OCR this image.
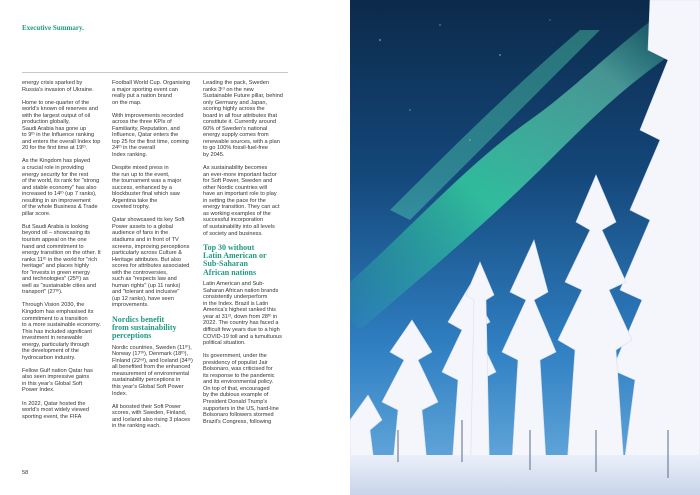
Executive Summary.

energy crisis sparked by
Russia's invasion of Ukraine.

Home to one-quarter of the
world's known oil reserves and
with the largest output of oil
production globally,
Saudi Arabia has gone up
to 9ᵗʰ in the Influence ranking
and enters the overall Index top
20 for the first time at 19ᵗʰ.

As the Kingdom has played
a crucial role in providing
energy security for the rest
of the world, its rank for "strong
and stable economy" has also
increased to 14ᵗʰ (up 7 ranks),
resulting in an improvement
of the whole Business & Trade
pillar score.

But Saudi Arabia is looking
beyond oil – showcasing its
tourism appeal on the one
hand and commitment to
energy transition on the other. It
ranks 11ᵗʰ in the world for "rich
heritage" and places highly
for "invests in green energy
and technologies" (25ᵗʰ) as
well as "sustainable cities and
transport" (27ᵗʰ).

Through Vision 2030, the
Kingdom has emphasised its
commitment to a transition
to a more sustainable economy.
This has included significant
investment in renewable
energy, particularly through
the development of the
hydrocarbon industry.

Fellow Gulf nation Qatar has
also seen impressive gains
in this year's Global Soft
Power Index.

In 2022, Qatar hosted the
world's most widely viewed
sporting event, the FIFA

Football World Cup. Organising
a major sporting event can
really put a nation brand
on the map.

With improvements recorded
across the three KPIs of
Familiarity, Reputation, and
Influence, Qatar enters the
top 25 for the first time, coming
24ᵗʰ in the overall
Index ranking.

Despite mixed press in
the run up to the event,
the tournament was a major
success, enhanced by a
blockbuster final which saw
Argentina take the
coveted trophy.

Qatar showcased its key Soft
Power assets to a global
audience of fans in the
stadiums and in front of TV
screens, improving perceptions
particularly across Culture &
Heritage attributes. But also
scores for attributes associated
with the controversies,
such as "respects law and
human rights" (up 11 ranks)
and "tolerant and inclusive"
(up 12 ranks), have seen
improvements.

Nordics benefit
from sustainability
perceptions

Nordic countries, Sweden (11ᵗʰ),
Norway (17ᵗʰ), Denmark (18ᵗʰ),
Finland (22ⁿᵈ), and Iceland (34ᵗʰ)
all benefited from the enhanced
measurement of environmental
sustainability perceptions in
this year's Global Soft Power
Index.

All boosted their Soft Power
scores, with Sweden, Finland,
and Iceland also rising 3 places
in the ranking each.

Leading the pack, Sweden
ranks 3ʳᵈ on the new
Sustainable Future pillar, behind
only Germany and Japan,
scoring highly across the
board in all four attributes that
constitute it. Currently around
60% of Sweden's national
energy supply comes from
renewable sources, with a plan
to go 100% fossil-fuel-free
by 2045.

As sustainability becomes
an ever-more important factor
for Soft Power, Sweden and
other Nordic countries will
have an important role to play
in setting the pace for the
energy transition. They can act
as working examples of the
successful incorporation
of sustainability into all levels
of society and business.

Top 30 without
Latin American or
Sub-Saharan
African nations

Latin American and Sub-
Saharan African nation brands
consistently underperform
in the Index. Brazil is Latin
America's highest ranked this
year at 31ˢᵗ, down from 28ᵗʰ in
2022. The country has faced a
difficult few years due to a high
COVID-19 toll and a tumultuous
political situation.

Its government, under the
presidency of populist Jair
Bolsonaro, was criticised for
its response to the pandemic
and its environmental policy.
On top of that, encouraged
by the dubious example of
President Donald Trump's
supporters in the US, hard-line
Bolsonaro followers stormed
Brazil's Congress, following

58
